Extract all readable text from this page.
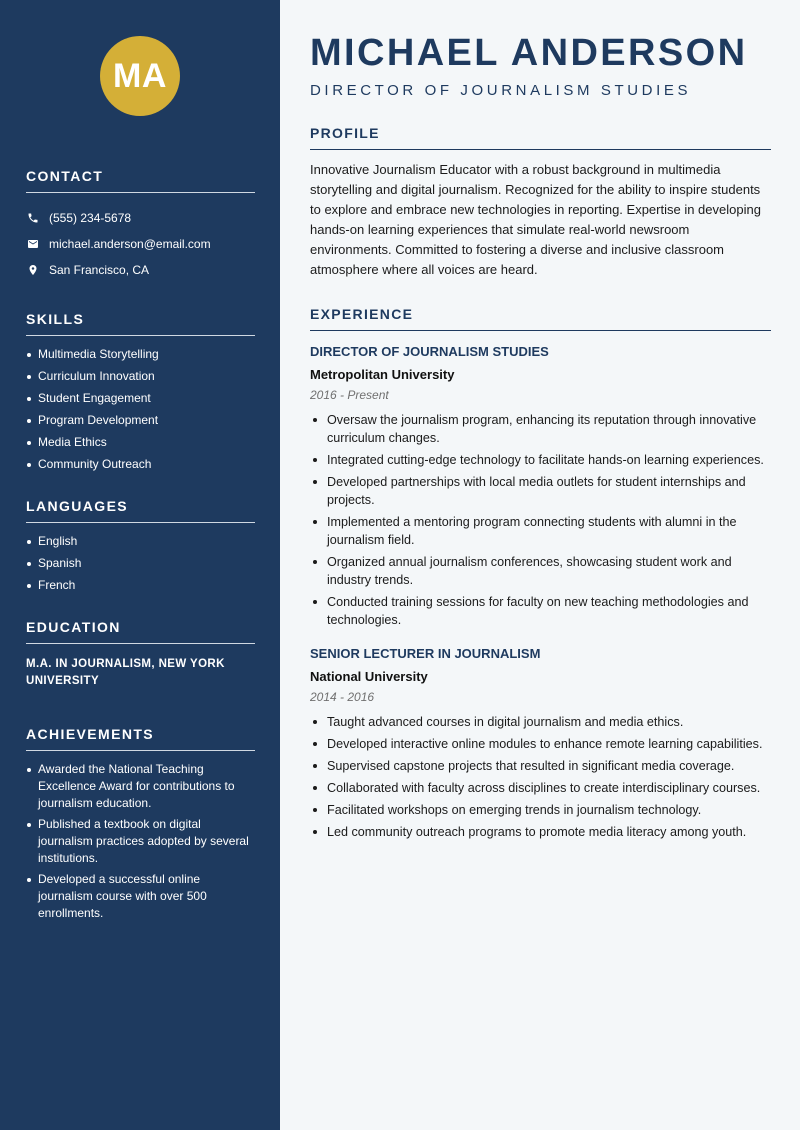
MA
CONTACT
(555) 234-5678
michael.anderson@email.com
San Francisco, CA
SKILLS
Multimedia Storytelling
Curriculum Innovation
Student Engagement
Program Development
Media Ethics
Community Outreach
LANGUAGES
English
Spanish
French
EDUCATION

M.A. IN JOURNALISM, NEW YORK UNIVERSITY

ACHIEVEMENTS
Awarded the National Teaching Excellence Award for contributions to journalism education.
Published a textbook on digital journalism practices adopted by several institutions.
Developed a successful online journalism course with over 500 enrollments.
MICHAEL ANDERSON
DIRECTOR OF JOURNALISM STUDIES
PROFILE

Innovative Journalism Educator with a robust background in multimedia storytelling and digital journalism. Recognized for the ability to inspire students to explore and embrace new technologies in reporting. Expertise in developing hands-on learning experiences that simulate real-world newsroom environments. Committed to fostering a diverse and inclusive classroom atmosphere where all voices are heard.

EXPERIENCE
DIRECTOR OF JOURNALISM STUDIES
Metropolitan University
2016 - Present
Oversaw the journalism program, enhancing its reputation through innovative curriculum changes.
Integrated cutting-edge technology to facilitate hands-on learning experiences.
Developed partnerships with local media outlets for student internships and projects.
Implemented a mentoring program connecting students with alumni in the journalism field.
Organized annual journalism conferences, showcasing student work and industry trends.
Conducted training sessions for faculty on new teaching methodologies and technologies.
SENIOR LECTURER IN JOURNALISM
National University
2014 - 2016
Taught advanced courses in digital journalism and media ethics.
Developed interactive online modules to enhance remote learning capabilities.
Supervised capstone projects that resulted in significant media coverage.
Collaborated with faculty across disciplines to create interdisciplinary courses.
Facilitated workshops on emerging trends in journalism technology.
Led community outreach programs to promote media literacy among youth.
